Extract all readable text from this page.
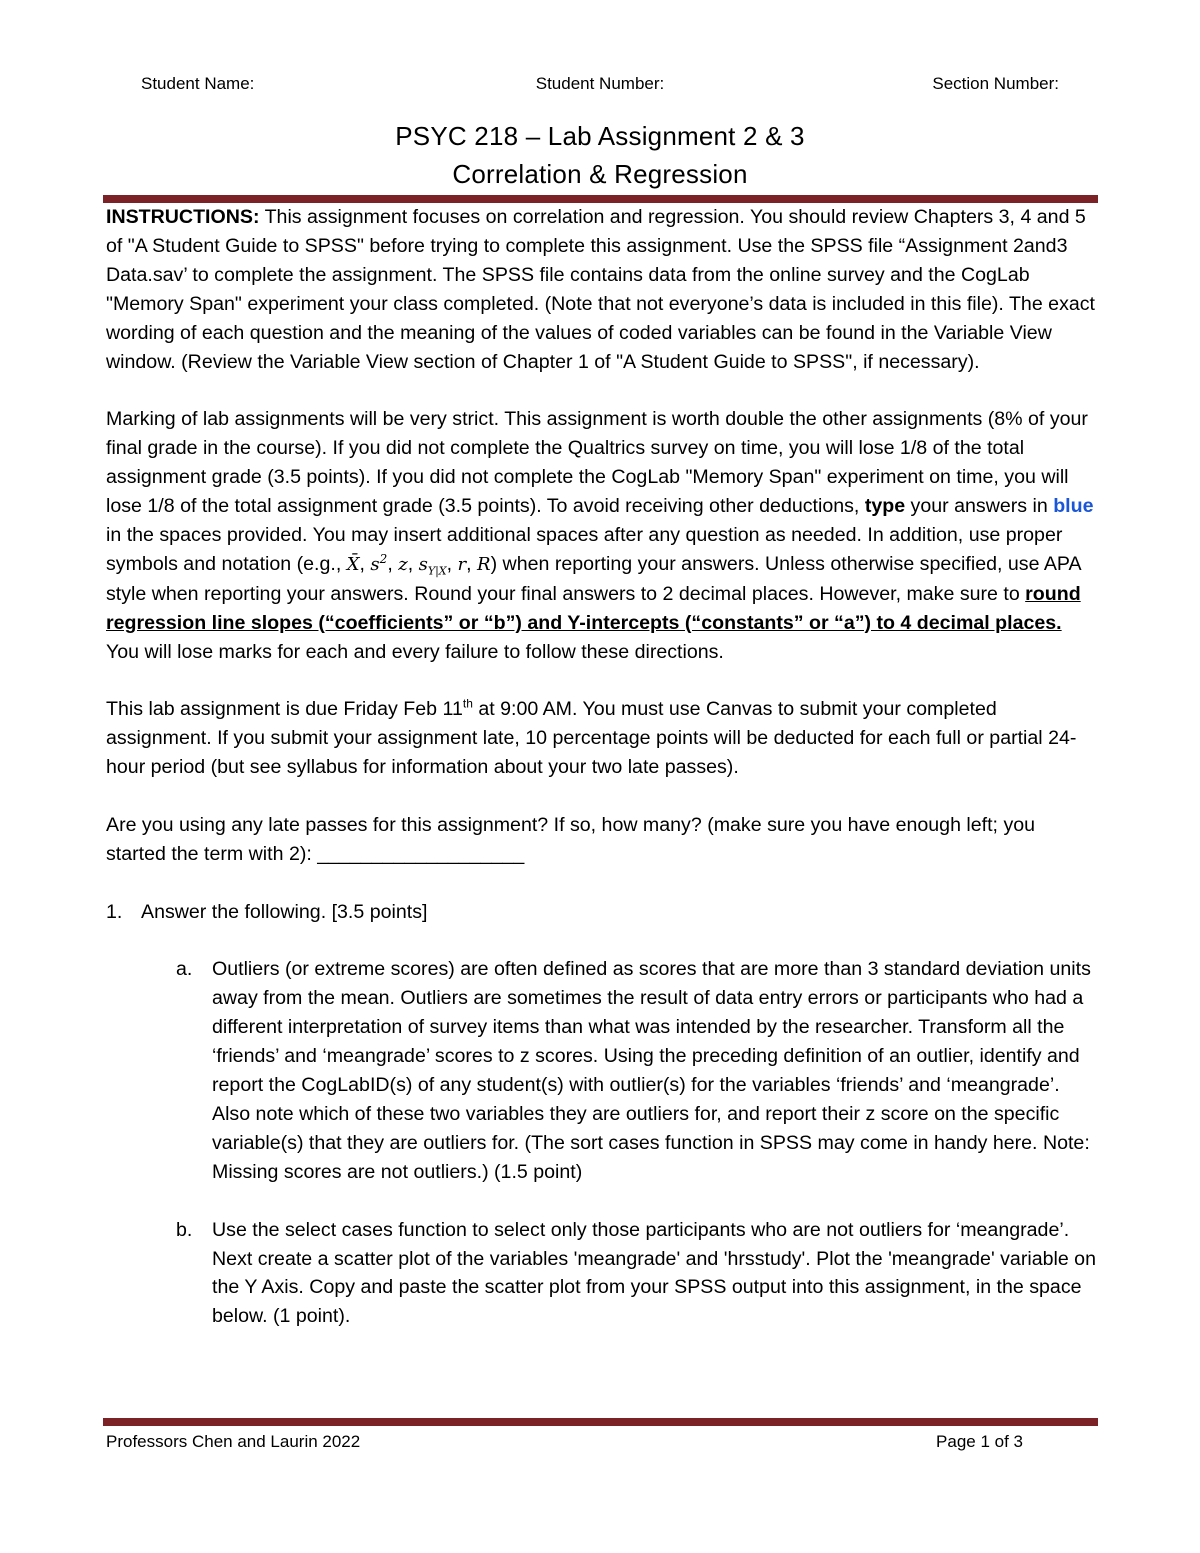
Student Name:	Student Number:	Section Number:
PSYC 218 – Lab Assignment 2 & 3
Correlation & Regression

INSTRUCTIONS: This assignment focuses on correlation and regression. You should review Chapters 3, 4 and 5 of "A Student Guide to SPSS" before trying to complete this assignment. Use the SPSS file “Assignment 2and3 Data.sav’ to complete the assignment. The SPSS file contains data from the online survey and the CogLab "Memory Span" experiment your class completed. (Note that not everyone’s data is included in this file). The exact wording of each question and the meaning of the values of coded variables can be found in the Variable View window. (Review the Variable View section of Chapter 1 of "A Student Guide to SPSS", if necessary).

Marking of lab assignments will be very strict. This assignment is worth double the other assignments (8% of your final grade in the course). If you did not complete the Qualtrics survey on time, you will lose 1/8 of the total assignment grade (3.5 points). If you did not complete the CogLab "Memory Span" experiment on time, you will lose 1/8 of the total assignment grade (3.5 points). To avoid receiving other deductions, type your answers in blue in the spaces provided. You may insert additional spaces after any question as needed. In addition, use proper symbols and notation (e.g., X̄, $s^2$, z, $s_{Y|X}$, r, R) when reporting your answers. Unless otherwise specified, use APA style when reporting your answers. Round your final answers to 2 decimal places. However, make sure to round regression line slopes (“coefficients” or “b”) and Y-intercepts (“constants” or “a”) to 4 decimal places. You will lose marks for each and every failure to follow these directions.

This lab assignment is due Friday Feb 11th at 9:00 AM. You must use Canvas to submit your completed assignment. If you submit your assignment late, 10 percentage points will be deducted for each full or partial 24-hour period (but see syllabus for information about your two late passes).

Are you using any late passes for this assignment? If so, how many? (make sure you have enough left; you started the term with 2): ___________________

1. Answer the following. [3.5 points]
a.	Outliers (or extreme scores) are often defined as scores that are more than 3 standard deviation units away from the mean. Outliers are sometimes the result of data entry errors or participants who had a different interpretation of survey items than what was intended by the researcher. Transform all the ‘friends’ and ‘meangrade’ scores to z scores. Using the preceding definition of an outlier, identify and report the CogLabID(s) of any student(s) with outlier(s) for the variables ‘friends’ and ‘meangrade’. Also note which of these two variables they are outliers for, and report their z score on the specific variable(s) that they are outliers for. (The sort cases function in SPSS may come in handy here. Note: Missing scores are not outliers.) (1.5 point)
b.	Use the select cases function to select only those participants who are not outliers for ‘meangrade’. Next create a scatter plot of the variables 'meangrade' and 'hrsstudy'. Plot the 'meangrade' variable on the Y Axis. Copy and paste the scatter plot from your SPSS output into this assignment, in the space below. (1 point).
Professors Chen and Laurin 2022	Page 1 of 3
